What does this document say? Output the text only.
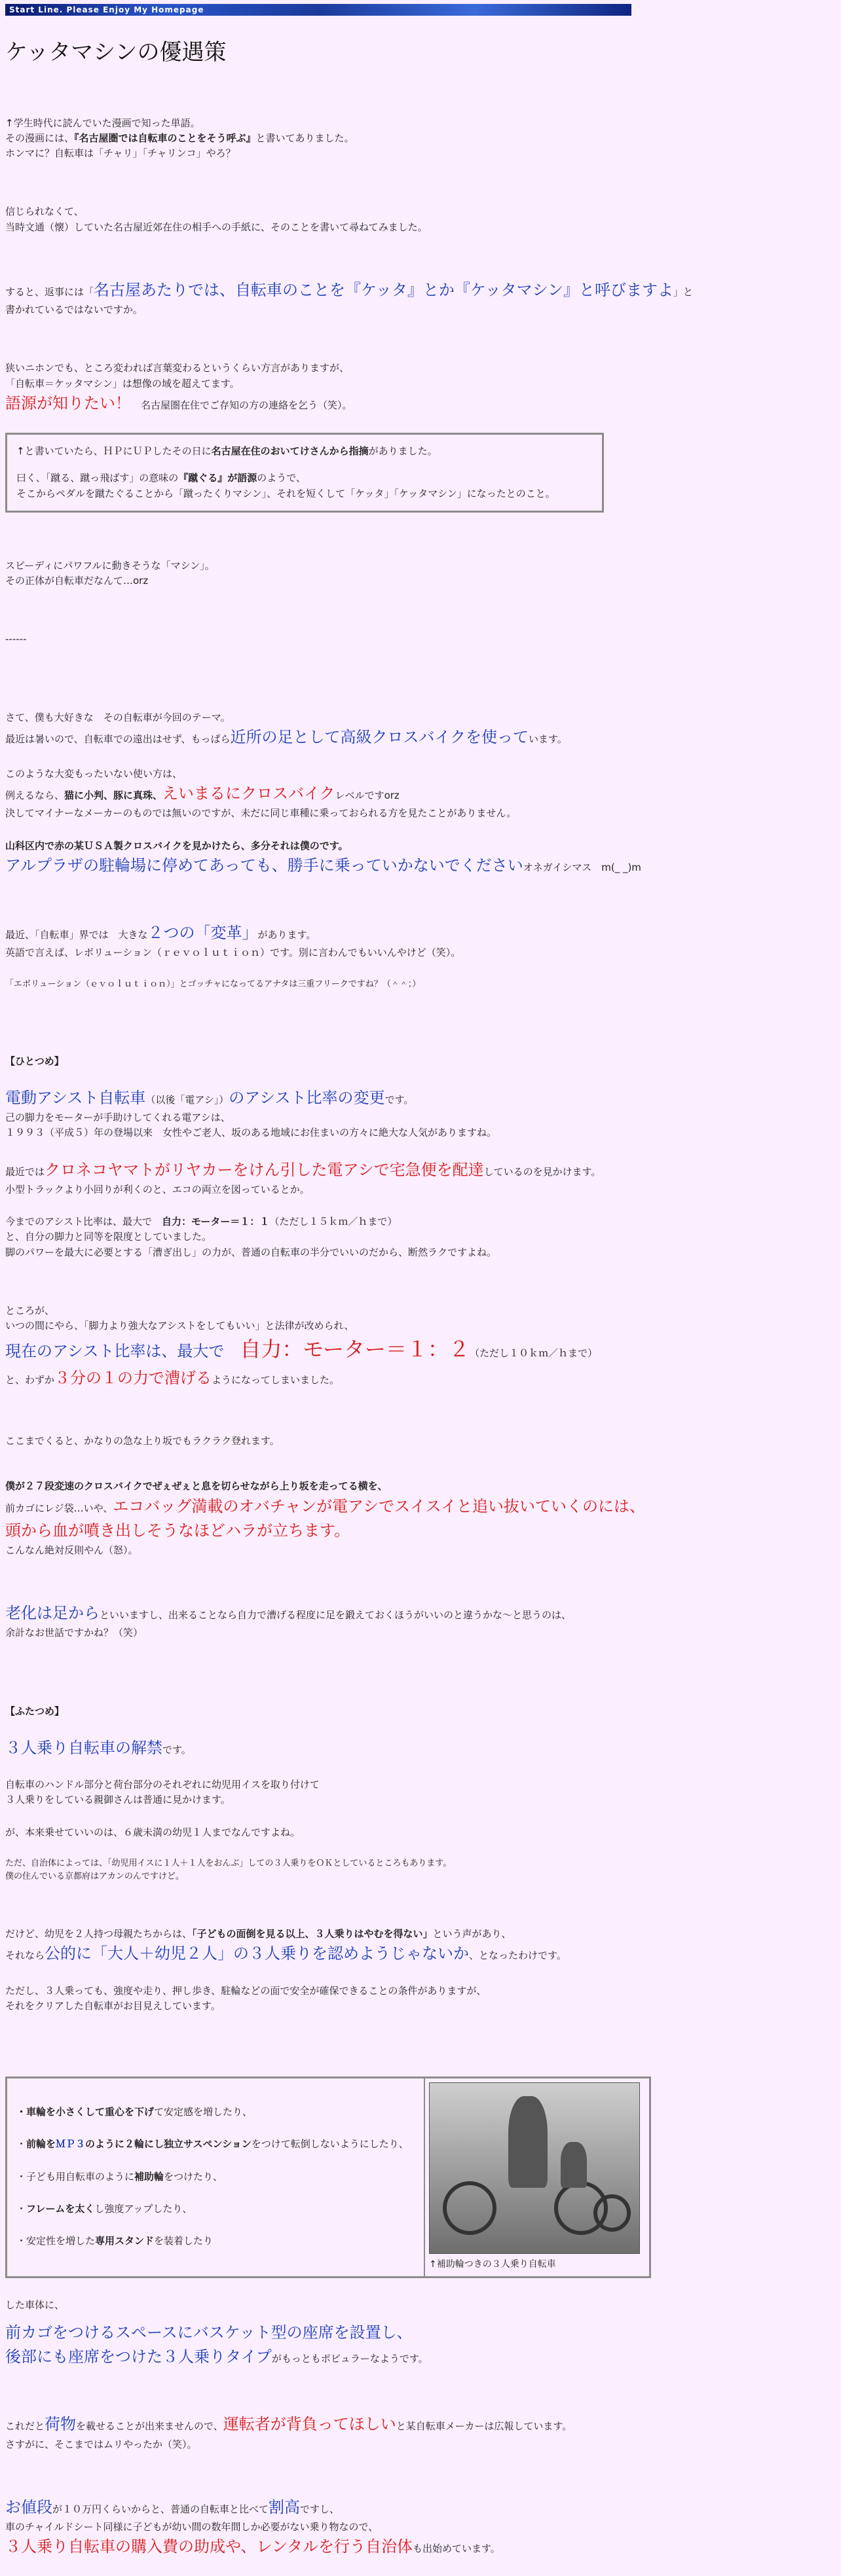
Start Line. Please Enjoy My Homepage
ケッタマシンの優遇策

↑学生時代に読んでいた漫画で知った単語。
その漫画には、『名古屋圏では自転車のことをそう呼ぶ』と書いてありました。
ホンマに？自転車は「チャリ」「チャリンコ」やろ？

信じられなくて、
当時文通（懐）していた名古屋近郊在住の相手への手紙に、そのことを書いて尋ねてみました。

すると、返事には「名古屋あたりでは、自転車のことを『ケッタ』とか『ケッタマシン』と呼びますよ」と
書かれているではないですか。

狭いニホンでも、ところ変われば言葉変わるというくらい方言がありますが、
「自転車＝ケッタマシン」は想像の域を超えてます。
語源が知りたい！　名古屋圏在住でご存知の方の連絡を乞う（笑）。

↑と書いていたら、ＨＰにＵＰしたその日に名古屋在住のおいてけさんから指摘がありました。

曰く、「蹴る、蹴っ飛ばす」の意味の『蹴ぐる』が語源のようで、
そこからペダルを蹴たぐることから「蹴ったくりマシン」、それを短くして「ケッタ」「ケッタマシン」になったとのこと。

スピーディにパワフルに動きそうな「マシン」。
その正体が自転車だなんて…orz

------

さて、僕も大好きな　その自転車が今回のテーマ。
最近は暑いので、自転車での遠出はせず、もっぱら近所の足として高級クロスバイクを使っています。

このような大変もったいない使い方は、
例えるなら、猫に小判、豚に真珠、えいまるにクロスバイクレベルですorz
決してマイナーなメーカーのものでは無いのですが、未だに同じ車種に乗っておられる方を見たことがありません。

山科区内で赤の某ＵＳＡ製クロスバイクを見かけたら、多分それは僕のです。
アルプラザの駐輪場に停めてあっても、勝手に乗っていかないでくださいオネガイシマス　m(_ _)m

最近、「自転車」界では　大きな２つの「変革」があります。
英語で言えば、レボリューション（ｒｅｖｏｌｕｔｉｏｎ）です。別に言わんでもいいんやけど（笑）。

「エボリューション（ｅｖｏｌｕｔｉｏｎ）」とゴッチャになってるアナタは三重フリークですね？（＾＾；）

【ひとつめ】

電動アシスト自転車（以後「電アシ」）のアシスト比率の変更です。
己の脚力をモーターが手助けしてくれる電アシは、
１９９３（平成５）年の登場以来　女性やご老人、坂のある地域にお住まいの方々に絶大な人気がありますね。

最近ではクロネコヤマトがリヤカーをけん引した電アシで宅急便を配達しているのを見かけます。
小型トラックより小回りが利くのと、エコの両立を図っているとか。

今までのアシスト比率は、最大で　自力：モーター＝１：１（ただし１５ｋｍ／ｈまで）
と、自分の脚力と同等を限度としていました。
脚のパワーを最大に必要とする「漕ぎ出し」の力が、普通の自転車の半分でいいのだから、断然ラクですよね。

ところが、
いつの間にやら、「脚力より強大なアシストをしてもいい」と法律が改められ、
現在のアシスト比率は、最大で　自力：モーター＝１：２（ただし１０ｋｍ／ｈまで）
と、わずか３分の１の力で漕げるようになってしまいました。

ここまでくると、かなりの急な上り坂でもラクラク登れます。

僕が２７段変速のクロスバイクでぜぇぜぇと息を切らせながら上り坂を走ってる横を、
前カゴにレジ袋…いや、エコバッグ満載のオバチャンが電アシでスイスイと追い抜いていくのには、
頭から血が噴き出しそうなほどハラが立ちます。
こんなん絶対反則やん（怒）。

老化は足からといいますし、出来ることなら自力で漕げる程度に足を鍛えておくほうがいいのと違うかな～と思うのは、
余計なお世話ですかね？（笑）

【ふたつめ】

３人乗り自転車の解禁です。

自転車のハンドル部分と荷台部分のそれぞれに幼児用イスを取り付けて
３人乗りをしている親御さんは普通に見かけます。

が、本来乗せていいのは、６歳未満の幼児１人までなんですよね。

ただ、自治体によっては、「幼児用イスに１人＋１人をおんぶ」しての３人乗りをＯＫとしているところもあります。
僕の住んでいる京都府はアカンのんですけど。

だけど、幼児を２人持つ母親たちからは、「子どもの面倒を見る以上、３人乗りはやむを得ない」という声があり、
それなら公的に「大人＋幼児２人」の３人乗りを認めようじゃないか、となったわけです。

ただし、３人乗っても、強度や走り、押し歩き、駐輪などの面で安全が確保できることの条件がありますが、
それをクリアした自転車がお目見えしています。

・車輪を小さくして重心を下げて安定感を増したり、

・前輪をＭＰ３のように２輪にし独立サスペンションをつけて転倒しないようにしたり、

・子ども用自転車のように補助輪をつけたり、

・フレームを太くし強度アップしたり、

・安定性を増した専用スタンドを装着したり

↑補助輪つきの３人乗り自転車

した車体に、

前カゴをつけるスペースにバスケット型の座席を設置し、
後部にも座席をつけた３人乗りタイプがもっともポピュラーなようです。

これだと荷物を載せることが出来ませんので、運転者が背負ってほしいと某自転車メーカーは広報しています。
さすがに、そこまではムリやったか（笑）。

お値段が１０万円くらいからと、普通の自転車と比べて割高ですし、
車のチャイルドシート同様に子どもが幼い間の数年間しか必要がない乗り物なので、
３人乗り自転車の購入費の助成や、レンタルを行う自治体も出始めています。
